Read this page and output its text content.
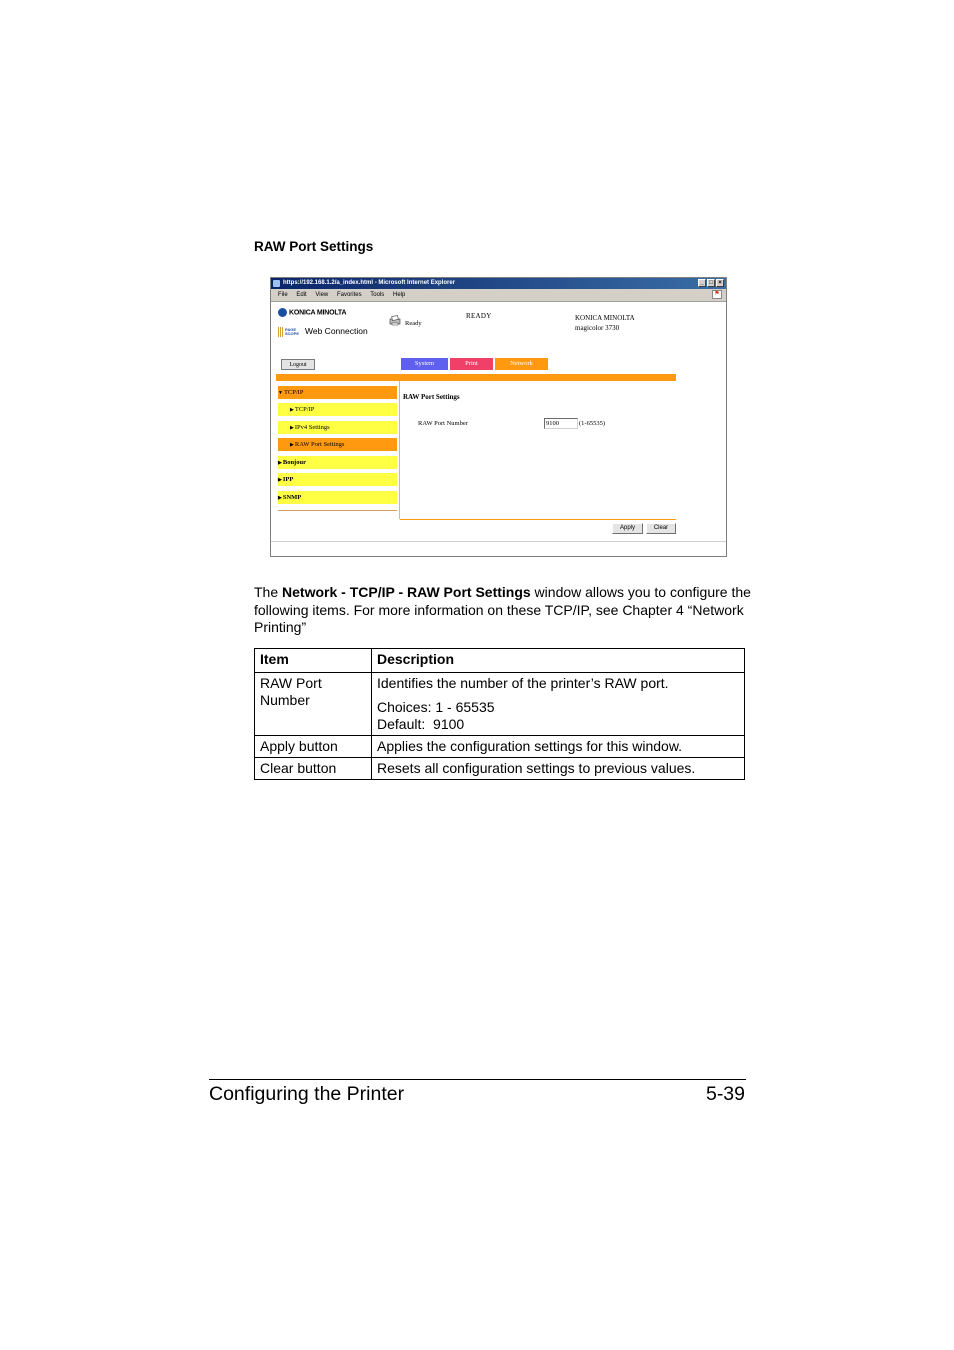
RAW Port Settings
https://192.168.1.2/a_index.html - Microsoft Internet Explorer	_ □ ×
File Edit View Favorites Tools Help	⚑
KONICA MINOLTA
PAGE SCOPE Web Connection
Ready
READY	KONICA MINOLTA
magicolor 3730
Logout	System	Print	Network
▼TCP/IP
▶TCP/IP
▶IPv4 Settings
▶RAW Port Settings
▶Bonjour
▶IPP
▶SNMP
RAW Port Settings
RAW Port Number	9100	(1-65535)
Apply	Clear
The Network - TCP/IP - RAW Port Settings window allows you to configure the following items. For more information on these TCP/IP, see Chapter 4 “Network Printing”
Item	Description
RAW Port Number	Identifies the number of the printer’s RAW port.
Choices: 1 - 65535
Default:  9100

Apply button	Applies the configuration settings for this window.
Clear button	Resets all configuration settings to previous values.
Configuring the Printer	5-39
